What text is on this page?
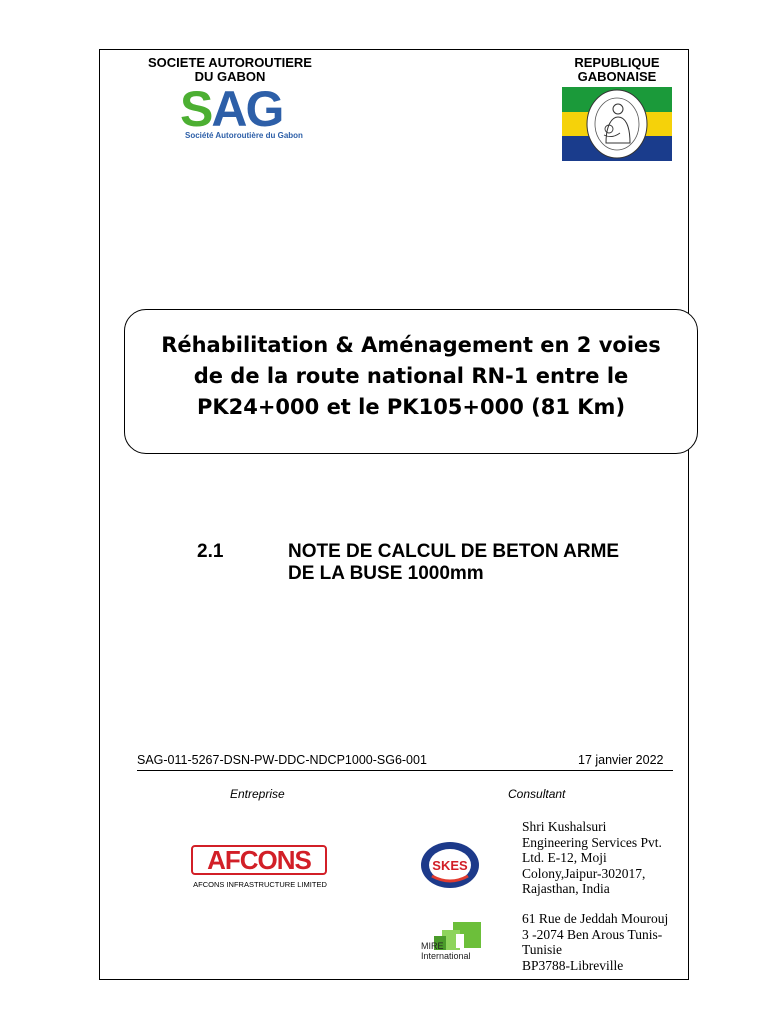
SOCIETE AUTOROUTIERE
DU GABON
REPUBLIQUE
GABONAISE
SAG
Société Autoroutière du Gabon
Réhabilitation & Aménagement en 2 voies
de de la route national RN-1 entre le
PK24+000 et le PK105+000 (81 Km)
2.1	NOTE DE CALCUL DE BETON ARME
DE LA BUSE 1000mm
SAG-011-5267-DSN-PW-DDC-NDCP1000-SG6-001	17 janvier 2022
Entreprise	Consultant
AFCONS
AFCONS INFRASTRUCTURE LIMITED
SKES
MIRE
International
Shri Kushalsuri
Engineering Services Pvt.
Ltd. E-12, Moji
Colony,Jaipur-302017,
Rajasthan, India
61 Rue de Jeddah Mourouj
3 -2074 Ben Arous Tunis-
Tunisie
BP3788-Libreville
